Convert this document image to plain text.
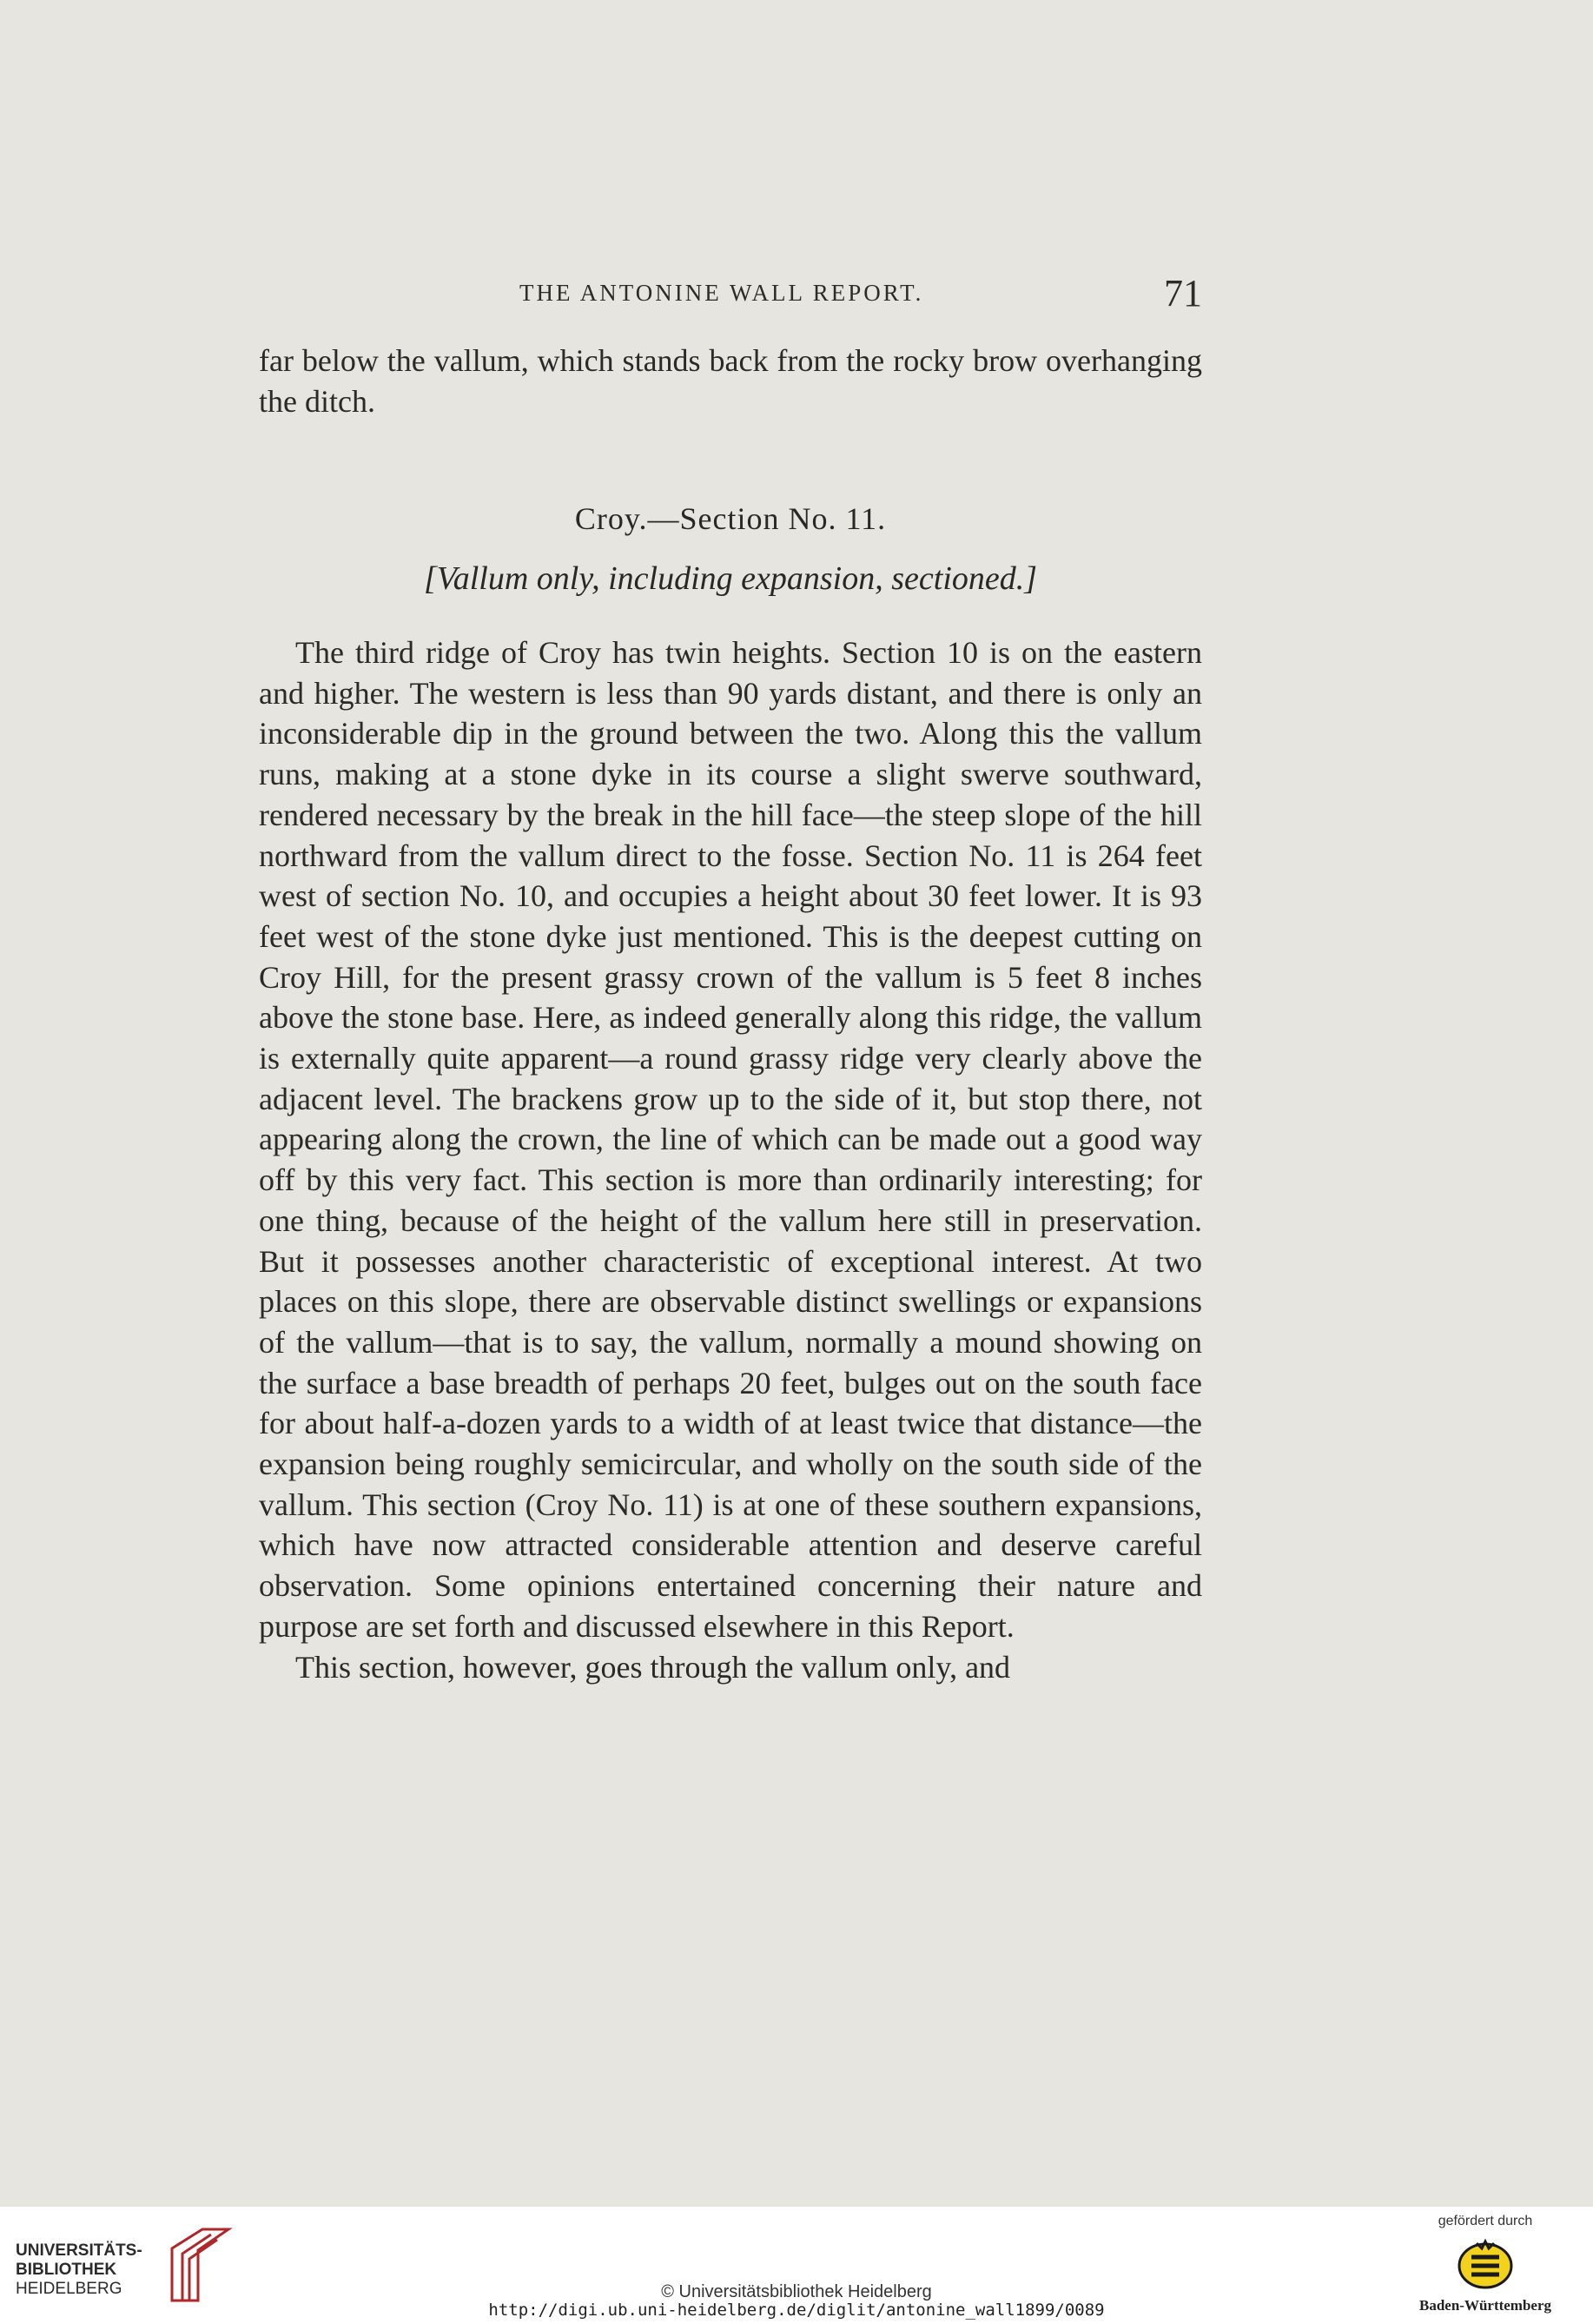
THE ANTONINE WALL REPORT.	71

far below the vallum, which stands back from the rocky brow overhanging the ditch.

Croy.—Section No. 11.
[Vallum only, including expansion, sectioned.]

The third ridge of Croy has twin heights. Section 10 is on the eastern and higher. The western is less than 90 yards distant, and there is only an inconsiderable dip in the ground between the two. Along this the vallum runs, making at a stone dyke in its course a slight swerve southward, rendered necessary by the break in the hill face—the steep slope of the hill northward from the vallum direct to the fosse. Section No. 11 is 264 feet west of section No. 10, and occupies a height about 30 feet lower. It is 93 feet west of the stone dyke just mentioned. This is the deepest cutting on Croy Hill, for the present grassy crown of the vallum is 5 feet 8 inches above the stone base. Here, as indeed generally along this ridge, the vallum is externally quite apparent—a round grassy ridge very clearly above the adjacent level. The brackens grow up to the side of it, but stop there, not appearing along the crown, the line of which can be made out a good way off by this very fact. This section is more than ordinarily interesting; for one thing, because of the height of the vallum here still in preservation. But it possesses another characteristic of exceptional interest. At two places on this slope, there are observable distinct swellings or expansions of the vallum—that is to say, the vallum, normally a mound showing on the surface a base breadth of perhaps 20 feet, bulges out on the south face for about half-a-dozen yards to a width of at least twice that distance—the expansion being roughly semicircular, and wholly on the south side of the vallum. This section (Croy No. 11) is at one of these southern expansions, which have now attracted considerable attention and deserve careful observation. Some opinions entertained concerning their nature and purpose are set forth and discussed elsewhere in this Report.

This section, however, goes through the vallum only, and

UNIVERSITÄTS-
BIBLIOTHEK
HEIDELBERG	© Universitätsbibliothek Heidelberg
http://digi.ub.uni-heidelberg.de/diglit/antonine_wall1899/0089
gefördert durch
Baden-Württemberg
